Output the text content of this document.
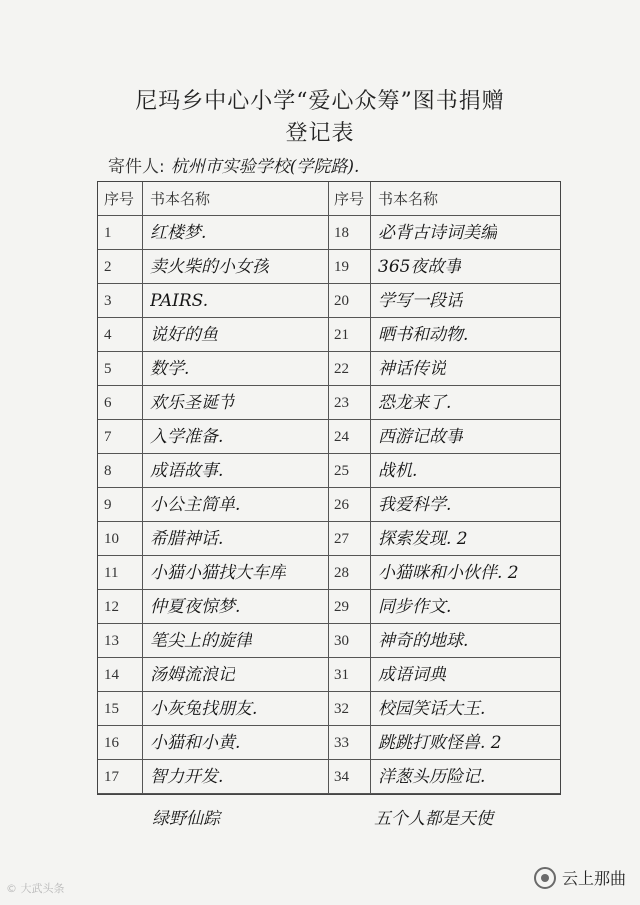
尼玛乡中心小学“爱心众筹”图书捐赠
登记表
寄件人: 杭州市实验学校(学院路).
序号 书本名称	序号 书本名称
1 红楼梦.	18 必背古诗词美编
2 卖火柴的小女孩	19 365夜故事
3 PAIRS.	20 学写一段话
4 说好的鱼	21 晒书和动物.
5 数学.	22 神话传说
6 欢乐圣诞节	23 恐龙来了.
7 入学准备.	24 西游记故事
8 成语故事.	25 战机.
9 小公主简单.	26 我爱科学.
10 希腊神话.	27 探索发现. 2
11 小猫小猫找大车库	28 小猫咪和小伙伴. 2
12 仲夏夜惊梦.	29 同步作文.
13 笔尖上的旋律	30 神奇的地球.
14 汤姆流浪记	31 成语词典
15 小灰兔找朋友.	32 校园笑话大王.
16 小猫和小黄.	33 跳跳打败怪兽. 2
17 智力开发.	34 洋葱头历险记.
绿野仙踪	五个人都是天使
© 大武头条
云上那曲
